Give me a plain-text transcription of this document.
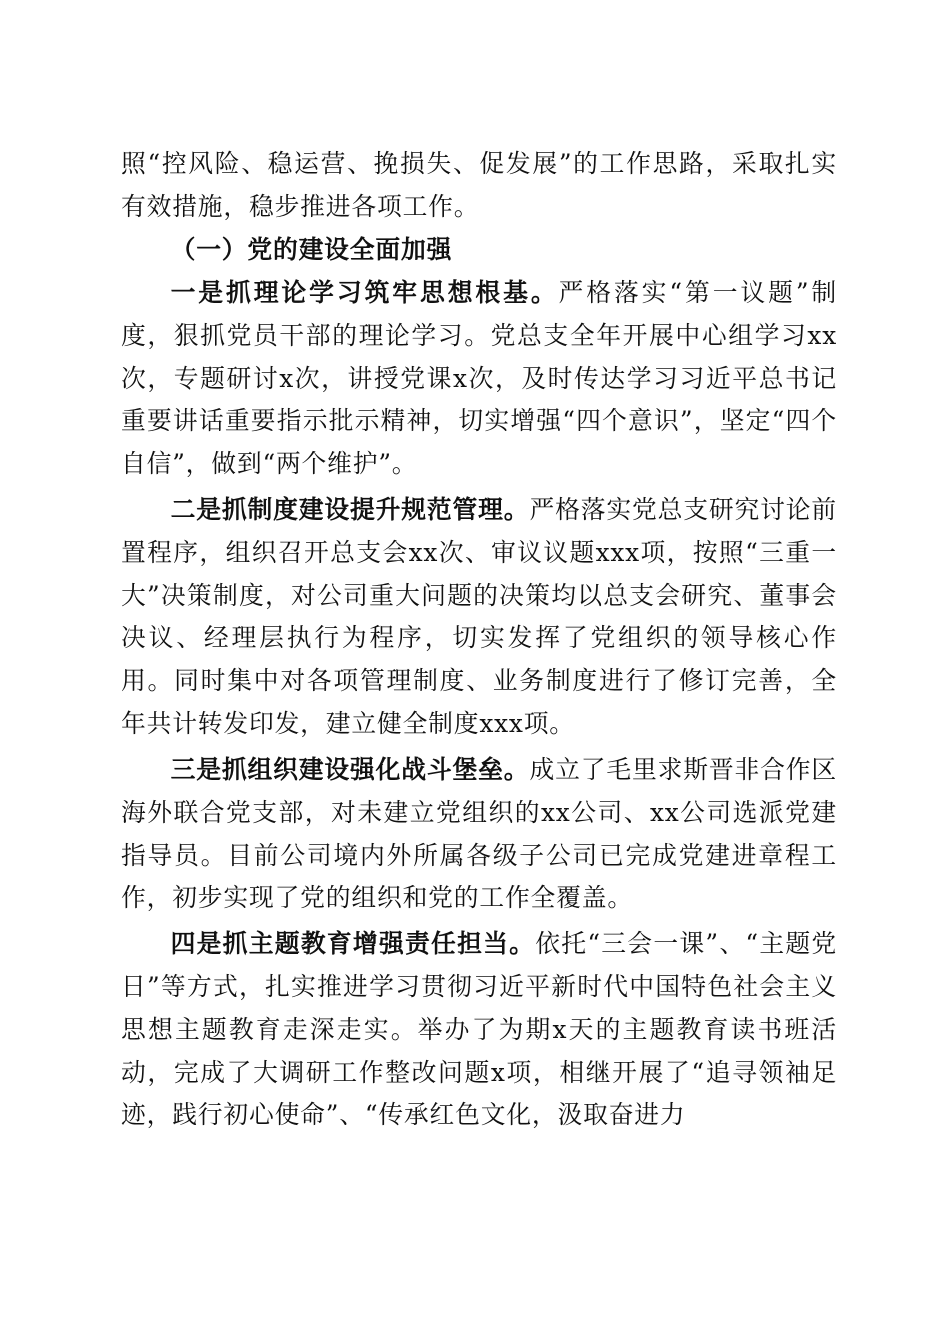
照“控风险、稳运营、挽损失、促发展”的工作思路，采取扎实有效措施，稳步推进各项工作。

（一）党的建设全面加强

一是抓理论学习筑牢思想根基。严格落实“第一议题”制度，狠抓党员干部的理论学习。党总支全年开展中心组学习xx次，专题研讨x次，讲授党课x次，及时传达学习习近平总书记重要讲话重要指示批示精神，切实增强“四个意识”，坚定“四个自信”，做到“两个维护”。

二是抓制度建设提升规范管理。严格落实党总支研究讨论前置程序，组织召开总支会xx次、审议议题xxx项，按照“三重一大”决策制度，对公司重大问题的决策均以总支会研究、董事会决议、经理层执行为程序，切实发挥了党组织的领导核心作用。同时集中对各项管理制度、业务制度进行了修订完善，全年共计转发印发，建立健全制度xxx项。

三是抓组织建设强化战斗堡垒。成立了毛里求斯晋非合作区海外联合党支部，对未建立党组织的xx公司、xx公司选派党建指导员。目前公司境内外所属各级子公司已完成党建进章程工作，初步实现了党的组织和党的工作全覆盖。

四是抓主题教育增强责任担当。依托“三会一课”、“主题党日”等方式，扎实推进学习贯彻习近平新时代中国特色社会主义思想主题教育走深走实。举办了为期x天的主题教育读书班活动，完成了大调研工作整改问题x项，相继开展了“追寻领袖足迹，践行初心使命”、“传承红色文化，汲取奋进力
